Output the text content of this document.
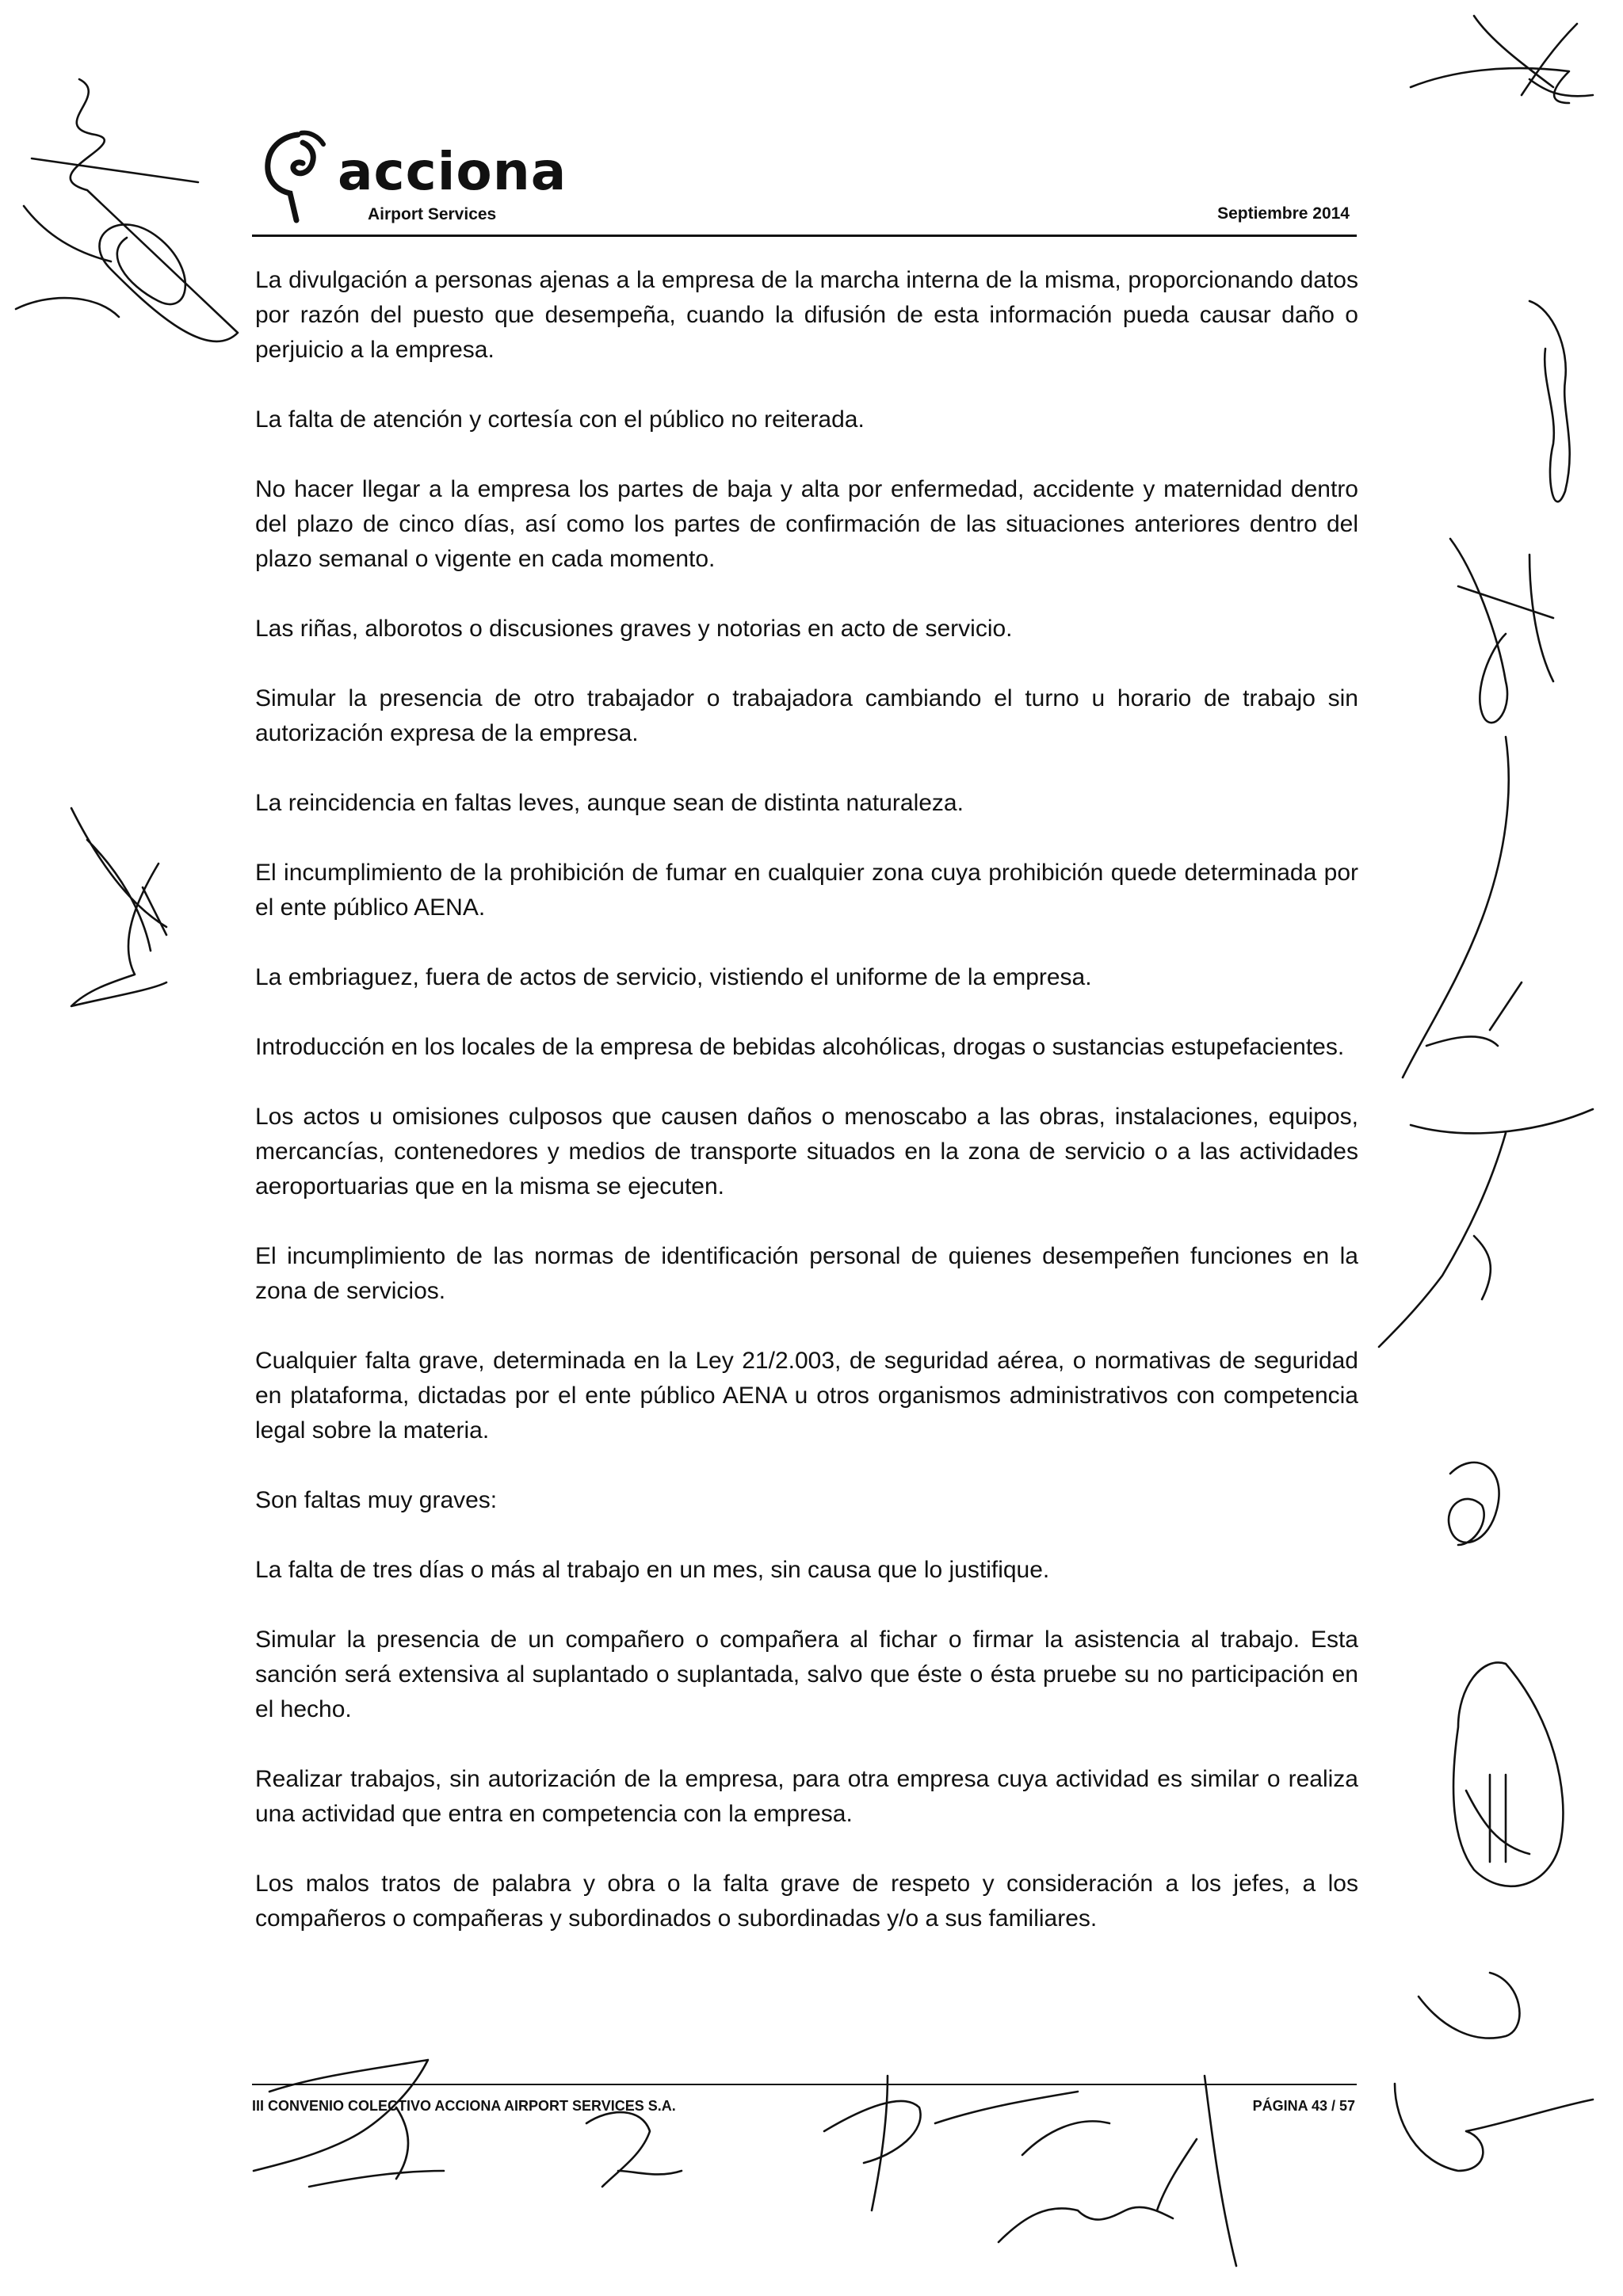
acciona
Airport Services	Septiembre 2014

La divulgación a personas ajenas a la empresa de la marcha interna de la misma, proporcionando datos por razón del puesto que desempeña, cuando la difusión de esta información pueda causar daño o perjuicio a la empresa.

La falta de atención y cortesía con el público no reiterada.

No hacer llegar a la empresa los partes de baja y alta por enfermedad, accidente y maternidad dentro del plazo de cinco días, así como los partes de confirmación de las situaciones anteriores dentro del plazo semanal o vigente en cada momento.

Las riñas, alborotos o discusiones graves y notorias en acto de servicio.

Simular la presencia de otro trabajador o trabajadora cambiando el turno u horario de trabajo sin autorización expresa de la empresa.

La reincidencia en faltas leves, aunque sean de distinta naturaleza.

El incumplimiento de la prohibición de fumar en cualquier zona cuya prohibición quede determinada por el ente público AENA.

La embriaguez, fuera de actos de servicio, vistiendo el uniforme de la empresa.

Introducción en los locales de la empresa de bebidas alcohólicas, drogas o sustancias estupefacientes.

Los actos u omisiones culposos que causen daños o menoscabo a las obras, instalaciones, equipos, mercancías, contenedores y medios de transporte situados en la zona de servicio o a las actividades aeroportuarias que en la misma se ejecuten.

El incumplimiento de las normas de identificación personal de quienes desempeñen funciones en la zona de servicios.

Cualquier falta grave, determinada en la Ley 21/2.003, de seguridad aérea, o normativas de seguridad en plataforma, dictadas por el ente público AENA u otros organismos administrativos con competencia legal sobre la materia.

Son faltas muy graves:

La falta de tres días o más al trabajo en un mes, sin causa que lo justifique.

Simular la presencia de un compañero o compañera al fichar o firmar la asistencia al trabajo. Esta sanción será extensiva al suplantado o suplantada, salvo que éste o ésta pruebe su no participación en el hecho.

Realizar trabajos, sin autorización de la empresa, para otra empresa cuya actividad es similar o realiza una actividad que entra en competencia con la empresa.

Los malos tratos de palabra y obra o la falta grave de respeto y consideración a los jefes, a los compañeros o compañeras y subordinados o subordinadas y/o a sus familiares.

III CONVENIO COLECTIVO ACCIONA AIRPORT SERVICES S.A.	PÁGINA 43 / 57
